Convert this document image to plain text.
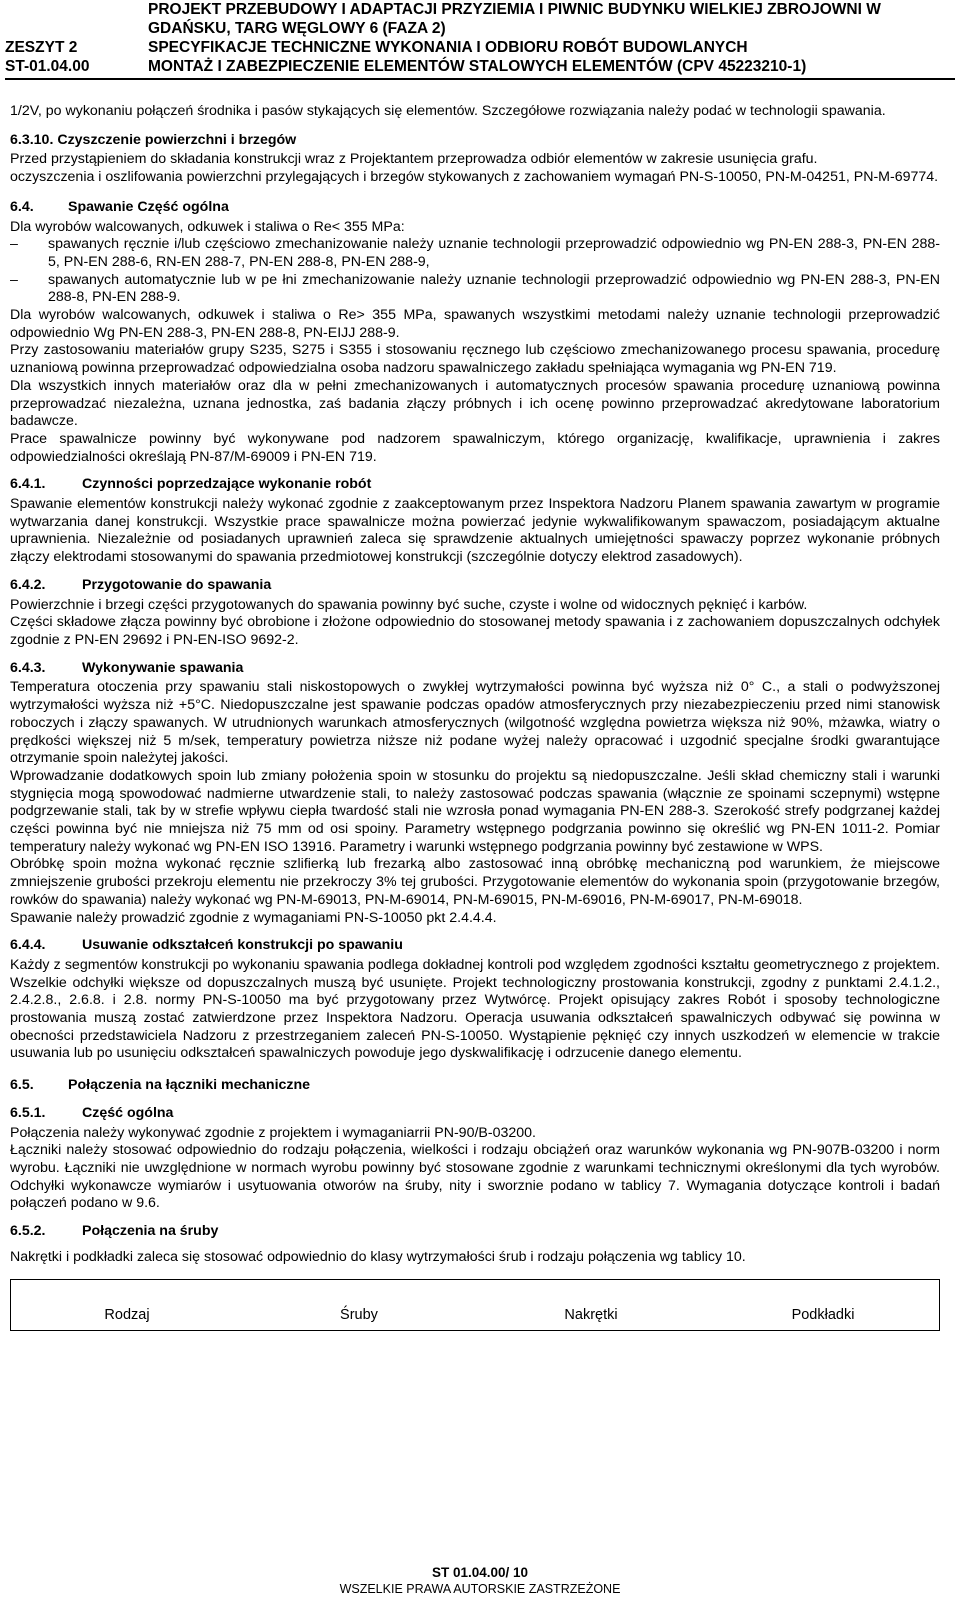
PROJEKT PRZEBUDOWY I ADAPTACJI PRZYZIEMIA I PIWNIC BUDYNKU WIELKIEJ ZBROJOWNI W
GDAŃSKU, TARG WĘGLOWY 6 (FAZA 2)
ZESZYT 2	SPECYFIKACJE TECHNICZNE WYKONANIA I ODBIORU ROBÓT BUDOWLANYCH
ST-01.04.00	MONTAŻ I ZABEZPIECZENIE ELEMENTÓW STALOWYCH ELEMENTÓW (CPV 45223210-1)

1/2V, po wykonaniu połączeń środnika i pasów stykających się elementów. Szczegółowe rozwiązania należy podać w technologii spawania.

6.3.10. Czyszczenie powierzchni i brzegów

Przed przystąpieniem do składania konstrukcji wraz z Projektantem przeprowadza odbiór elementów w zakresie usunięcia grafu.

oczyszczenia i oszlifowania powierzchni przylegających i brzegów stykowanych z zachowaniem wymagań PN-S-10050, PN-M-04251, PN-M-69774.

6.4.	Spawanie Część ogólna

Dla wyrobów walcowanych, odkuwek i staliwa o Re< 355 MPa:

– spawanych ręcznie i/lub częściowo zmechanizowanie należy uznanie technologii przeprowadzić odpowiednio wg PN-EN 288-3, PN-EN 288-5, PN-EN 288-6, RN-EN 288-7, PN-EN 288-8, PN-EN 288-9,
– spawanych automatycznie lub w pe łni zmechanizowanie należy uznanie technologii przeprowadzić odpowiednio wg PN-EN 288-3, PN-EN 288-8, PN-EN 288-9.

Dla wyrobów walcowanych, odkuwek i staliwa o Re> 355 MPa, spawanych wszystkimi metodami należy uznanie technologii przeprowadzić odpowiednio Wg PN-EN 288-3, PN-EN 288-8, PN-EIJJ 288-9.

Przy zastosowaniu materiałów grupy S235, S275 i S355 i stosowaniu ręcznego lub częściowo zmechanizowanego procesu spawania, procedurę uznaniową powinna przeprowadzać odpowiedzialna osoba nadzoru spawalniczego zakładu spełniająca wymagania wg PN-EN 719.

Dla wszystkich innych materiałów oraz dla w pełni zmechanizowanych i automatycznych procesów spawania procedurę uznaniową powinna przeprowadzać niezależna, uznana jednostka, zaś badania złączy próbnych i ich ocenę powinno przeprowadzać akredytowane laboratorium badawcze.

Prace spawalnicze powinny być wykonywane pod nadzorem spawalniczym, którego organizację, kwalifikacje, uprawnienia i zakres odpowiedzialności określają PN-87/M-69009 i PN-EN 719.

6.4.1.	Czynności poprzedzające wykonanie robót

Spawanie elementów konstrukcji należy wykonać zgodnie z zaakceptowanym przez Inspektora Nadzoru Planem spawania zawartym w programie wytwarzania danej konstrukcji. Wszystkie prace spawalnicze można powierzać jedynie wykwalifikowanym spawaczom, posiadającym aktualne uprawnienia. Niezależnie od posiadanych uprawnień zaleca się sprawdzenie aktualnych umiejętności spawaczy poprzez wykonanie próbnych złączy elektrodami stosowanymi do spawania przedmiotowej konstrukcji (szczególnie dotyczy elektrod zasadowych).

6.4.2.	Przygotowanie do spawania

Powierzchnie i brzegi części przygotowanych do spawania powinny być suche, czyste i wolne od widocznych pęknięć i karbów.

Części składowe złącza powinny być obrobione i złożone odpowiednio do stosowanej metody spawania i z zachowaniem dopuszczalnych odchyłek zgodnie z PN-EN 29692 i PN-EN-ISO 9692-2.

6.4.3.	Wykonywanie spawania

Temperatura otoczenia przy spawaniu stali niskostopowych o zwykłej wytrzymałości powinna być wyższa niż 0° C., a stali o podwyższonej wytrzymałości wyższa niż +5°C. Niedopuszczalne jest spawanie podczas opadów atmosferycznych przy niezabezpieczeniu przed nimi stanowisk roboczych i złączy spawanych. W utrudnionych warunkach atmosferycznych (wilgotność względna powietrza większa niż 90%, mżawka, wiatry o prędkości większej niż 5 m/sek, temperatury powietrza niższe niż podane wyżej należy opracować i uzgodnić specjalne środki gwarantujące otrzymanie spoin należytej jakości.

Wprowadzanie dodatkowych spoin lub zmiany położenia spoin w stosunku do projektu są niedopuszczalne. Jeśli skład chemiczny stali i warunki stygnięcia mogą spowodować nadmierne utwardzenie stali, to należy zastosować podczas spawania (włącznie ze spoinami sczepnymi) wstępne podgrzewanie stali, tak by w strefie wpływu ciepła twardość stali nie wzrosła ponad wymagania PN-EN 288-3. Szerokość strefy podgrzanej każdej części powinna być nie mniejsza niż 75 mm od osi spoiny. Parametry wstępnego podgrzania powinno się określić wg PN-EN 1011-2. Pomiar temperatury należy wykonać wg PN-EN ISO 13916. Parametry i warunki wstępnego podgrzania powinny być zestawione w WPS.

Obróbkę spoin można wykonać ręcznie szlifierką lub frezarką albo zastosować inną obróbkę mechaniczną pod warunkiem, że miejscowe zmniejszenie grubości przekroju elementu nie przekroczy 3% tej grubości. Przygotowanie elementów do wykonania spoin (przygotowanie brzegów, rowków do spawania) należy wykonać wg PN-M-69013, PN-M-69014, PN-M-69015, PN-M-69016, PN-M-69017, PN-M-69018.

Spawanie należy prowadzić zgodnie z wymaganiami PN-S-10050 pkt 2.4.4.4.

6.4.4.	Usuwanie odkształceń konstrukcji po spawaniu

Każdy z segmentów konstrukcji po wykonaniu spawania podlega dokładnej kontroli pod względem zgodności kształtu geometrycznego z projektem. Wszelkie odchyłki większe od dopuszczalnych muszą być usunięte. Projekt technologiczny prostowania konstrukcji, zgodny z punktami 2.4.1.2., 2.4.2.8., 2.6.8. i 2.8. normy PN-S-10050 ma być przygotowany przez Wytwórcę. Projekt opisujący zakres Robót i sposoby technologiczne prostowania muszą zostać zatwierdzone przez Inspektora Nadzoru. Operacja usuwania odkształceń spawalniczych odbywać się powinna w obecności przedstawiciela Nadzoru z przestrzeganiem zaleceń PN-S-10050. Wystąpienie pęknięć czy innych uszkodzeń w elemencie w trakcie usuwania lub po usunięciu odkształceń spawalniczych powoduje jego dyskwalifikację i odrzucenie danego elementu.

6.5.	Połączenia na łączniki mechaniczne
6.5.1.	Część ogólna

Połączenia należy wykonywać zgodnie z projektem i wymaganiarrii PN-90/B-03200.

Łączniki należy stosować odpowiednio do rodzaju połączenia, wielkości i rodzaju obciążeń oraz warunków wykonania wg PN-907B-03200 i norm wyrobu. Łączniki nie uwzględnione w normach wyrobu powinny być stosowane zgodnie z warunkami technicznymi określonymi dla tych wyrobów. Odchyłki wykonawcze wymiarów i usytuowania otworów na śruby, nity i sworznie podano w tablicy 7. Wymagania dotyczące kontroli i badań połączeń podano w 9.6.

6.5.2.	Połączenia na śruby

Nakrętki i podkładki zaleca się stosować odpowiednio do klasy wytrzymałości śrub i rodzaju połączenia wg tablicy 10.

Rodzaj	Śruby	Nakrętki	Podkładki
ST 01.04.00/ 10
WSZELKIE PRAWA AUTORSKIE ZASTRZEŻONE
